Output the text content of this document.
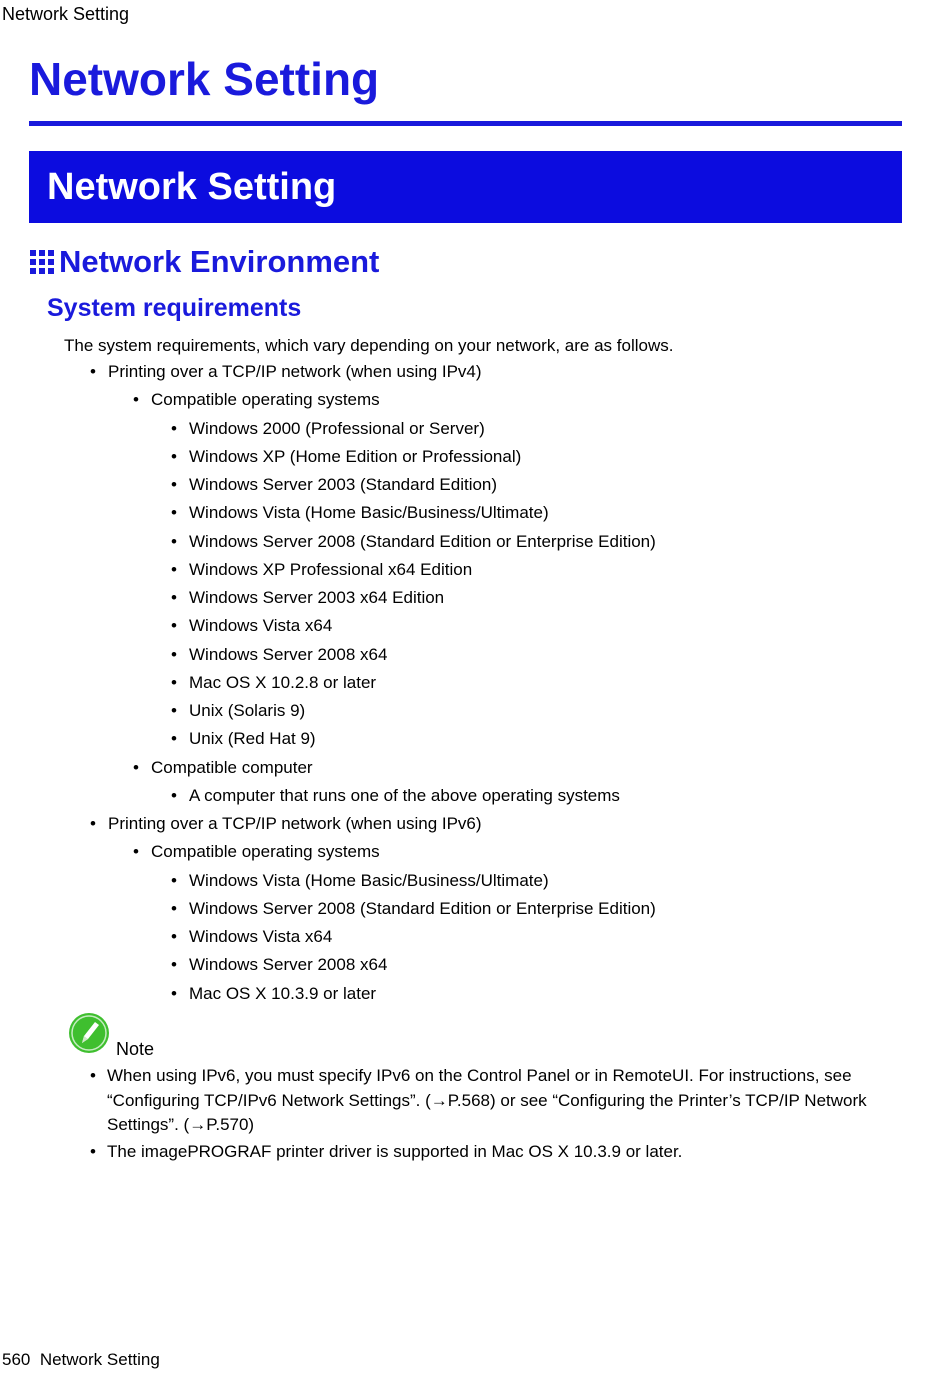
Network Setting
Network Setting
Network Setting
Network Environment
System requirements
The system requirements, which vary depending on your network, are as follows.
• Printing over a TCP/IP network (when using IPv4)
• Compatible operating systems
• Windows 2000 (Professional or Server)
• Windows XP (Home Edition or Professional)
• Windows Server 2003 (Standard Edition)
• Windows Vista (Home Basic/Business/Ultimate)
• Windows Server 2008 (Standard Edition or Enterprise Edition)
• Windows XP Professional x64 Edition
• Windows Server 2003 x64 Edition
• Windows Vista x64
• Windows Server 2008 x64
• Mac OS X 10.2.8 or later
• Unix (Solaris 9)
• Unix (Red Hat 9)
• Compatible computer
• A computer that runs one of the above operating systems
• Printing over a TCP/IP network (when using IPv6)
• Compatible operating systems
• Windows Vista (Home Basic/Business/Ultimate)
• Windows Server 2008 (Standard Edition or Enterprise Edition)
• Windows Vista x64
• Windows Server 2008 x64
• Mac OS X 10.3.9 or later
Note
• When using IPv6, you must specify IPv6 on the Control Panel or in RemoteUI. For instructions, see “Configuring TCP/IPv6 Network Settings”. (→P.568) or see “Configuring the Printer’s TCP/IP Network Settings”. (→P.570)
• The imagePROGRAF printer driver is supported in Mac OS X 10.3.9 or later.
560 Network Setting
